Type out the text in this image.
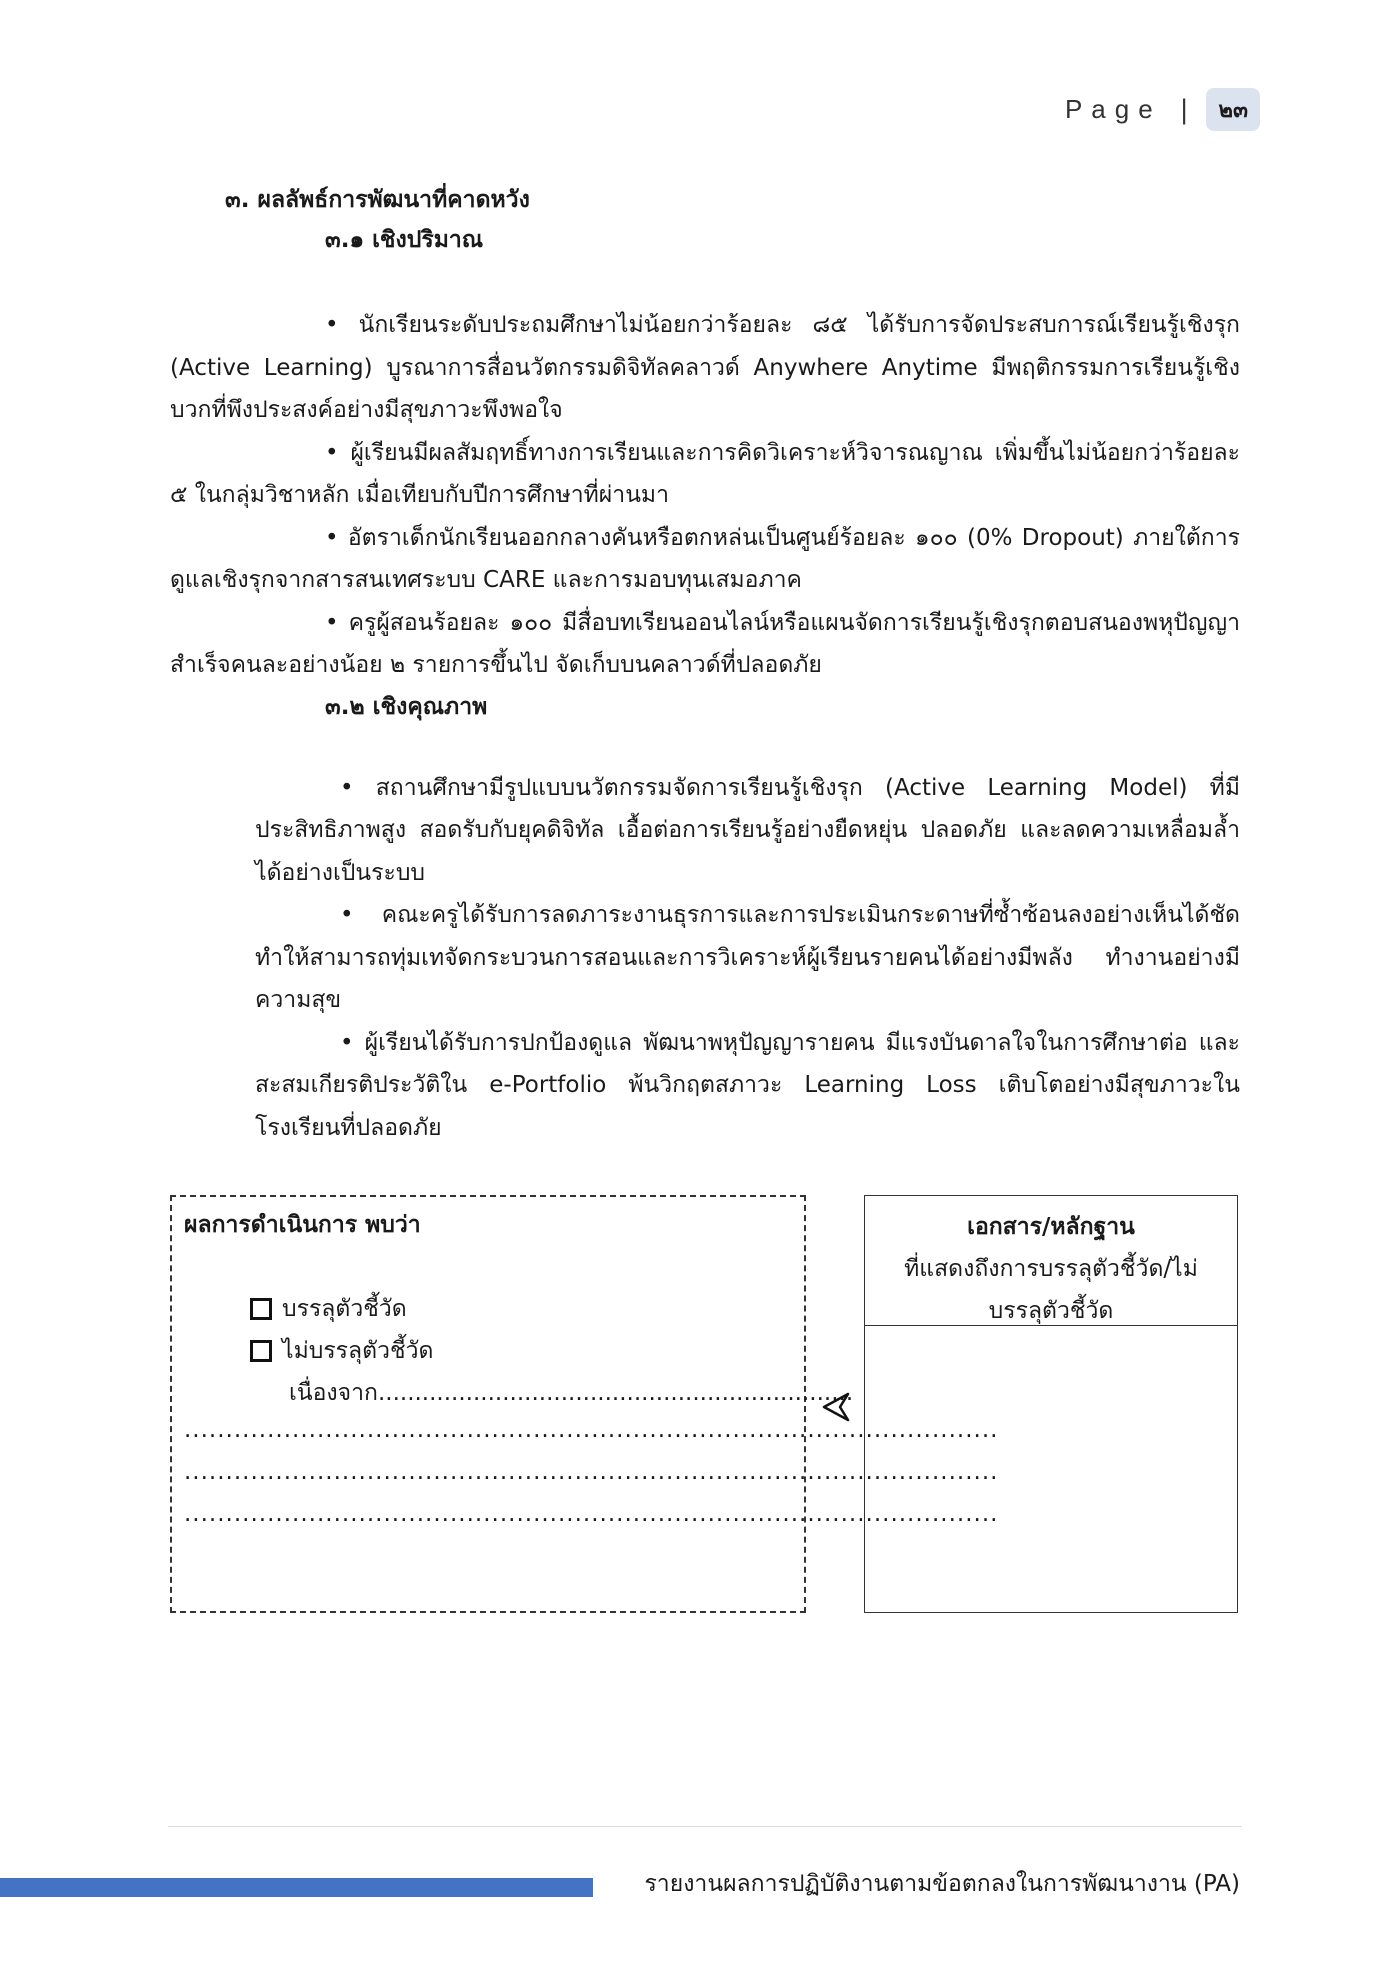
Page |	๒๓
๓. ผลลัพธ์การพัฒนาที่คาดหวัง
๓.๑ เชิงปริมาณ

• นักเรียนระดับประถมศึกษาไม่น้อยกว่าร้อยละ ๘๕ ได้รับการจัดประสบการณ์เรียนรู้เชิงรุก (Active Learning) บูรณาการสื่อนวัตกรรมดิจิทัลคลาวด์ Anywhere Anytime มีพฤติกรรมการเรียนรู้เชิงบวกที่พึงประสงค์อย่างมีสุขภาวะพึงพอใจ

• ผู้เรียนมีผลสัมฤทธิ์ทางการเรียนและการคิดวิเคราะห์วิจารณญาณ เพิ่มขึ้นไม่น้อยกว่าร้อยละ ๕ ในกลุ่มวิชาหลัก เมื่อเทียบกับปีการศึกษาที่ผ่านมา

• อัตราเด็กนักเรียนออกกลางคันหรือตกหล่นเป็นศูนย์ร้อยละ ๑๐๐ (0% Dropout) ภายใต้การดูแลเชิงรุกจากสารสนเทศระบบ CARE และการมอบทุนเสมอภาค

• ครูผู้สอนร้อยละ ๑๐๐ มีสื่อบทเรียนออนไลน์หรือแผนจัดการเรียนรู้เชิงรุกตอบสนองพหุปัญญาสำเร็จคนละอย่างน้อย ๒ รายการขึ้นไป จัดเก็บบนคลาวด์ที่ปลอดภัย

๓.๒ เชิงคุณภาพ

• สถานศึกษามีรูปแบบนวัตกรรมจัดการเรียนรู้เชิงรุก (Active Learning Model) ที่มีประสิทธิภาพสูง สอดรับกับยุคดิจิทัล เอื้อต่อการเรียนรู้อย่างยืดหยุ่น ปลอดภัย และลดความเหลื่อมล้ำได้อย่างเป็นระบบ

• คณะครูได้รับการลดภาระงานธุรการและการประเมินกระดาษที่ซ้ำซ้อนลงอย่างเห็นได้ชัด ทำให้สามารถทุ่มเทจัดกระบวนการสอนและการวิเคราะห์ผู้เรียนรายคนได้อย่างมีพลัง ทำงานอย่างมีความสุข

• ผู้เรียนได้รับการปกป้องดูแล พัฒนาพหุปัญญารายคน มีแรงบันดาลใจในการศึกษาต่อ และสะสมเกียรติประวัติใน e-Portfolio พ้นวิกฤตสภาวะ Learning Loss เติบโตอย่างมีสุขภาวะในโรงเรียนที่ปลอดภัย

ผลการดำเนินการ พบว่า
บรรลุตัวชี้วัด
ไม่บรรลุตัวชี้วัด
เนื่องจาก.................................................................
..................................................................................................
..................................................................................................
..................................................................................................
เอกสาร/หลักฐาน
ที่แสดงถึงการบรรลุตัวชี้วัด/ไม่
บรรลุตัวชี้วัด
รายงานผลการปฏิบัติงานตามข้อตกลงในการพัฒนางาน (PA)
